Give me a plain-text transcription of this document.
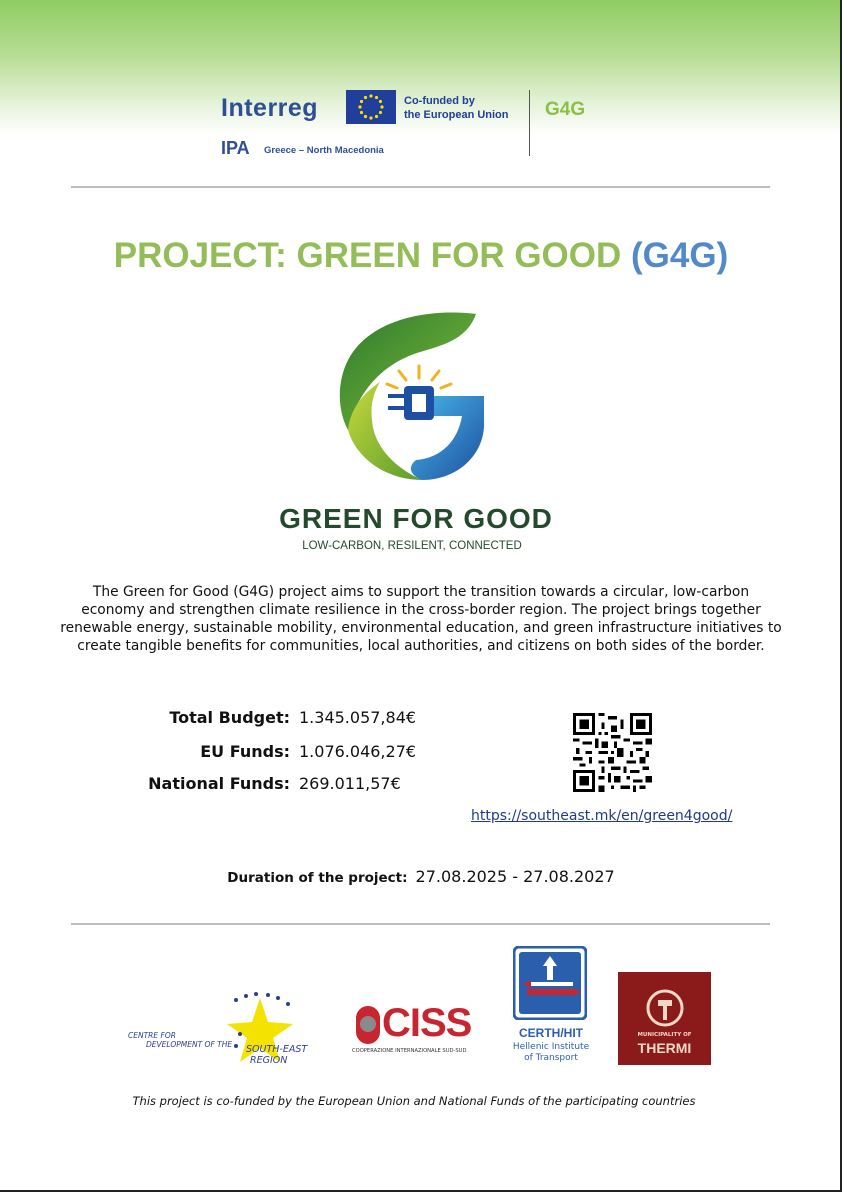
Interreg	Co-funded by
the European Union
IPA Greece – North Macedonia
G4G
PROJECT: GREEN FOR GOOD (G4G)
GREEN FOR GOOD
LOW-CARBON, RESILENT, CONNECTED
The Green for Good (G4G) project aims to support the transition towards a circular, low-carbon economy and strengthen climate resilience in the cross-border region. The project brings together renewable energy, sustainable mobility, environmental education, and green infrastructure initiatives to create tangible benefits for communities, local authorities, and citizens on both sides of the border.
Total Budget: 1.345.057,84€
EU Funds: 1.076.046,27€
National Funds: 269.011,57€
https://southeast.mk/en/green4good/
Duration of the project: 27.08.2025 - 27.08.2027
CENTRE FOR
DEVELOPMENT OF THE SOUTH-EAST
REGION
CISS
COOPERAZIONE INTERNAZIONALE SUD-SUD
CERTH/HIT
Hellenic Institute
of Transport
MUNICIPALITY OF
THERMI
This project is co-funded by the European Union and National Funds of the participating countries
